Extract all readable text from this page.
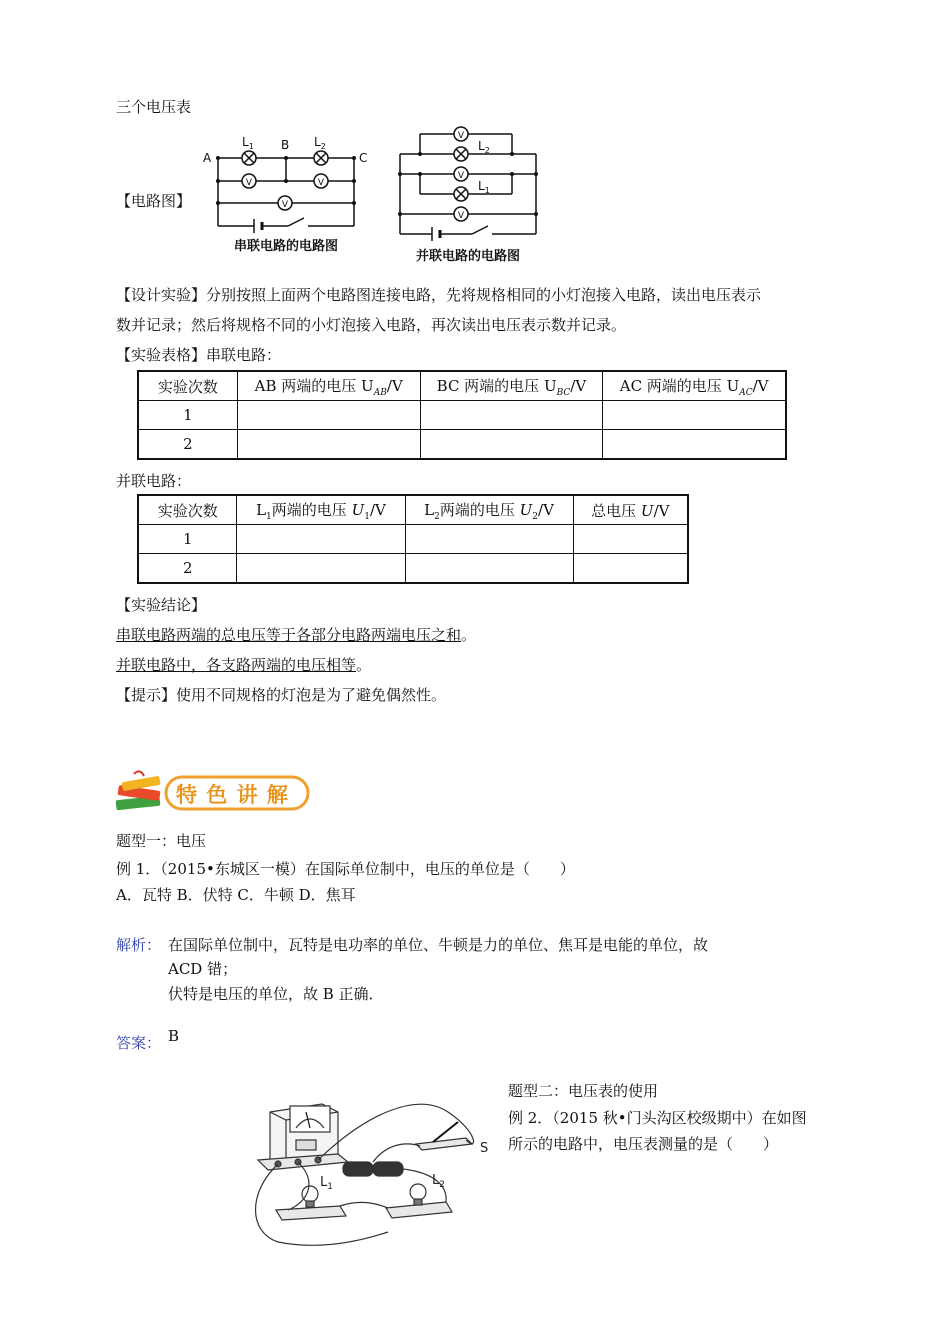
三个电压表
【电路图】
V	V
V
A
B
C
$L_1$	$L_2$
串联电路的电路图
V
V
V
$L_2$
$L_1$
并联电路的电路图
【设计实验】分别按照上面两个电路图连接电路，先将规格相同的小灯泡接入电路，读出电压表示
数并记录；然后将规格不同的小灯泡接入电路，再次读出电压表示数并记录。
【实验表格】串联电路：
实验次数	AB 两端的电压 $U_{AB}/V$	BC 两端的电压 $U_{BC}/V$	AC 两端的电压 $U_{AC}/V$
1			
2			
并联电路：
实验次数	$L_1$两端的电压 $U_1/V$	$L_2$两端的电压 $U_2/V$	总电压 U/V
1			
2			
【实验结论】
串联电路两端的总电压等于各部分电路两端电压之和。
并联电路中，各支路两端的电压相等。
【提示】使用不同规格的灯泡是为了避免偶然性。
特 色 讲 解
题型一：电压
例 1．（2015•东城区一模）在国际单位制中，电压的单位是（　　）
A．瓦特 B．伏特 C．牛顿 D．焦耳
解析： 在国际单位制中，瓦特是电功率的单位、牛顿是力的单位、焦耳是电能的单位，故
ACD 错；
伏特是电压的单位，故 B 正确．
答案： B
题型二：电压表的使用
例 2．（2015 秋•门头沟区校级期中）在如图
所示的电路中，电压表测量的是（　　）
$L_1$	$L_2$
S
